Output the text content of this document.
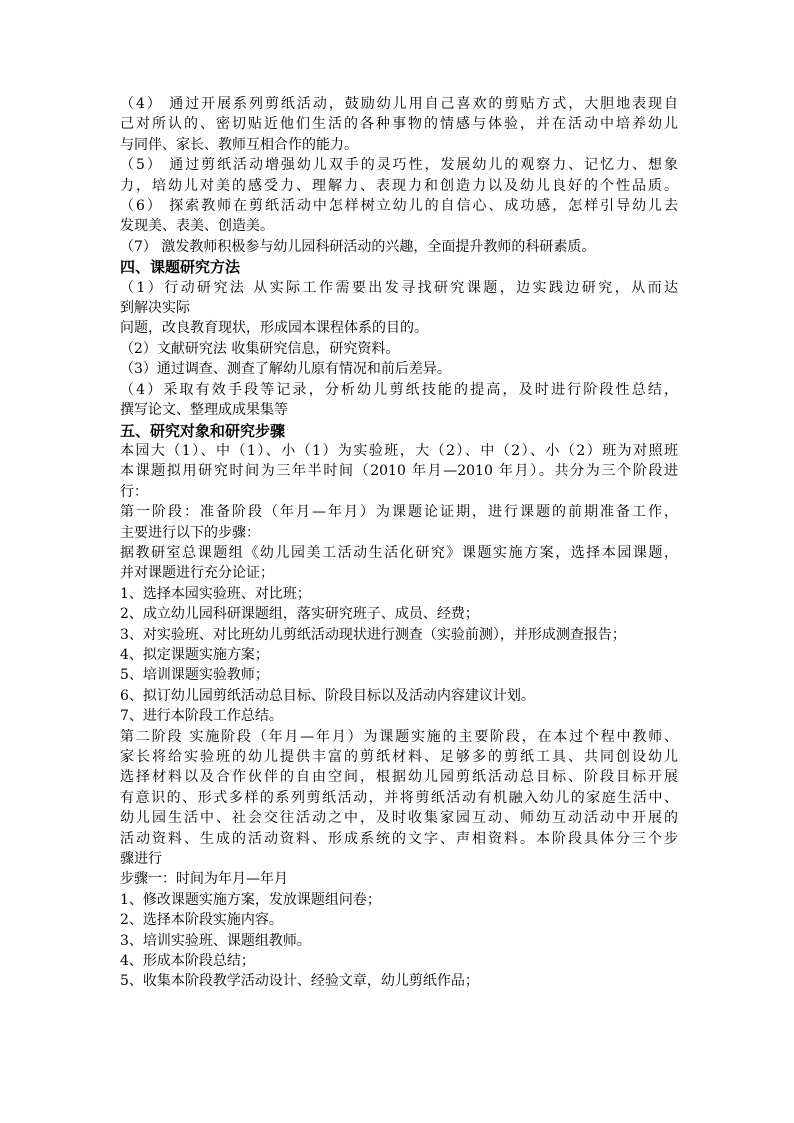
（4） 通过开展系列剪纸活动，鼓励幼儿用自己喜欢的剪贴方式，大胆地表现自
己对所认的、密切贴近他们生活的各种事物的情感与体验，并在活动中培养幼儿
与同伴、家长、教师互相合作的能力。
（5） 通过剪纸活动增强幼儿双手的灵巧性，发展幼儿的观察力、记忆力、想象
力，培幼儿对美的感受力、理解力、表现力和创造力以及幼儿良好的个性品质。
（6） 探索教师在剪纸活动中怎样树立幼儿的自信心、成功感，怎样引导幼儿去
发现美、表美、创造美。
（7） 激发教师积极参与幼儿园科研活动的兴趣，全面提升教师的科研素质。
四、课题研究方法
（1）行动研究法 从实际工作需要出发寻找研究课题，边实践边研究，从而达
到解决实际
问题，改良教育现状，形成园本课程体系的目的。
（2）文献研究法 收集研究信息，研究资料。
（3）通过调查、测查了解幼儿原有情况和前后差异。
（4）采取有效手段等记录，分析幼儿剪纸技能的提高，及时进行阶段性总结，
撰写论文、整理成成果集等
五、研究对象和研究步骤
本园大（1）、中（1）、小（1）为实验班，大（2）、中（2）、小（2）班为对照班
本课题拟用研究时间为三年半时间（2010 年月—2010 年月）。共分为三个阶段进
行：
第一阶段：准备阶段（年月—年月）为课题论证期，进行课题的前期准备工作，
主要进行以下的步骤：
据教研室总课题组《幼儿园美工活动生活化研究》课题实施方案，选择本园课题，
并对课题进行充分论证；
1、选择本园实验班、对比班；
2、成立幼儿园科研课题组，落实研究班子、成员、经费；
3、对实验班、对比班幼儿剪纸活动现状进行测查（实验前测），并形成测查报告；
4、拟定课题实施方案；
5、培训课题实验教师；
6、拟订幼儿园剪纸活动总目标、阶段目标以及活动内容建议计划。
7、进行本阶段工作总结。
第二阶段 实施阶段（年月—年月）为课题实施的主要阶段，在本过个程中教师、
家长将给实验班的幼儿提供丰富的剪纸材料、足够多的剪纸工具、共同创设幼儿
选择材料以及合作伙伴的自由空间，根据幼儿园剪纸活动总目标、阶段目标开展
有意识的、形式多样的系列剪纸活动，并将剪纸活动有机融入幼儿的家庭生活中、
幼儿园生活中、社会交往活动之中，及时收集家园互动、师幼互动活动中开展的
活动资料、生成的活动资料、形成系统的文字、声相资料。本阶段具体分三个步
骤进行
步骤一：时间为年月—年月
1、修改课题实施方案，发放课题组问卷；
2、选择本阶段实施内容。
3、培训实验班、课题组教师。
4、形成本阶段总结；
5、收集本阶段教学活动设计、经验文章，幼儿剪纸作品；
